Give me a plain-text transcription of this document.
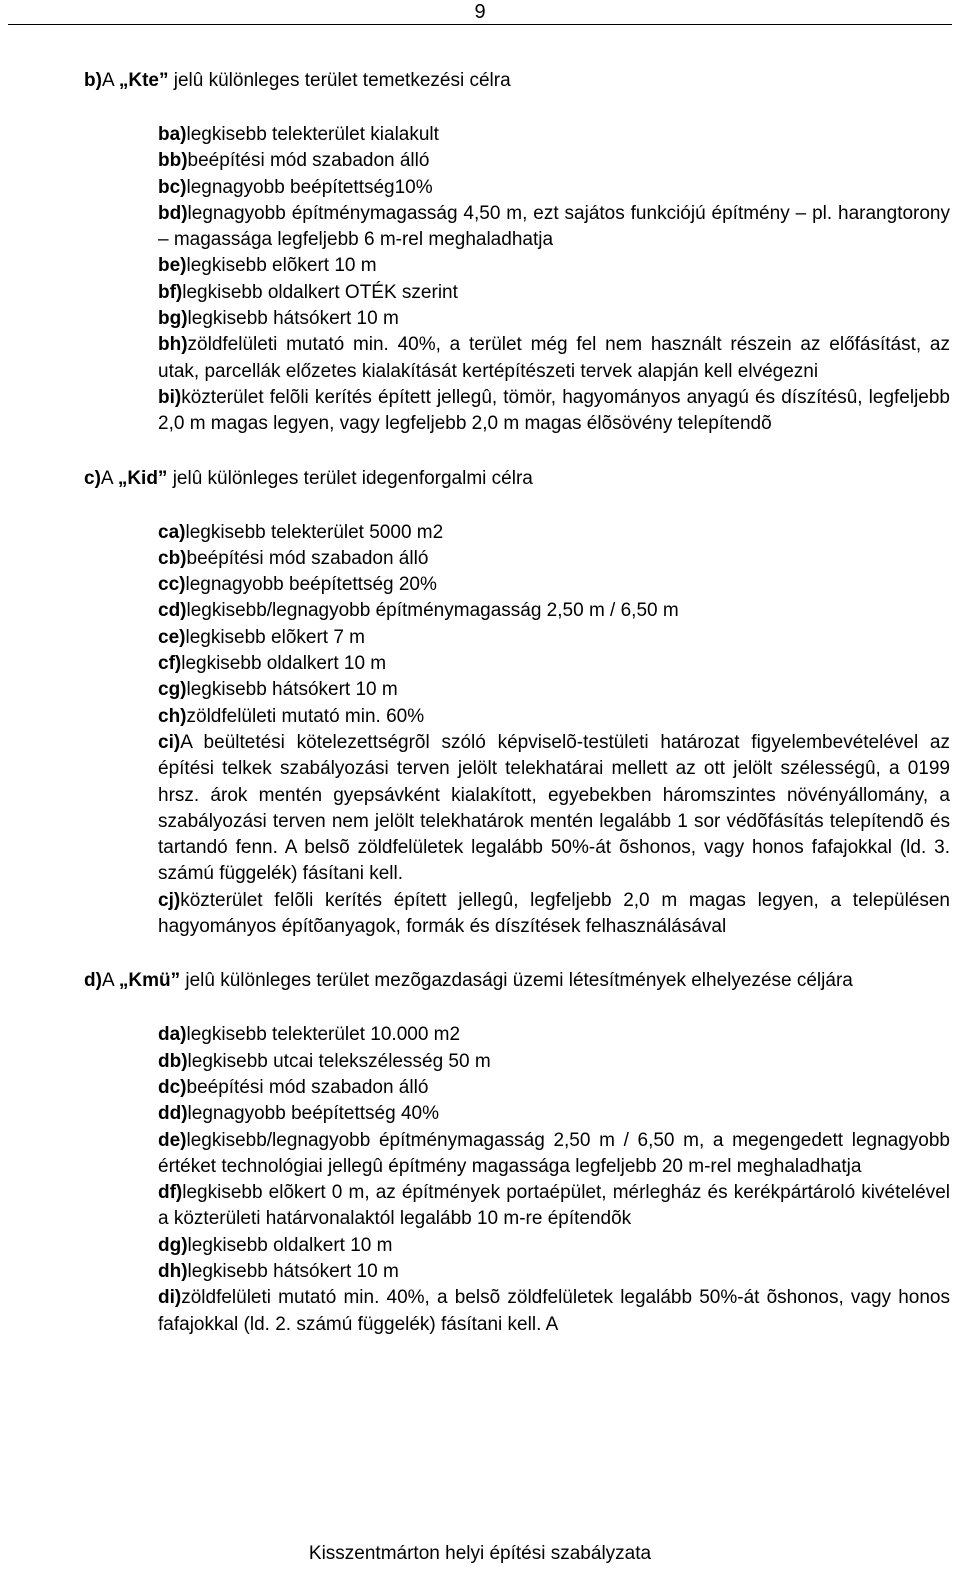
9
b)A „Kte” jelû különleges terület temetkezési célra
ba)legkisebb telekterület kialakult
bb)beépítési mód szabadon álló
bc)legnagyobb beépítettség10%
bd)legnagyobb építménymagasság 4,50 m, ezt sajátos funkciójú építmény – pl. harangtorony – magassága legfeljebb 6 m-rel meghaladhatja
be)legkisebb elõkert 10 m
bf)legkisebb oldalkert OTÉK szerint
bg)legkisebb hátsókert 10 m
bh)zöldfelületi mutató min. 40%, a terület még fel nem használt részein az előfásítást, az utak, parcellák előzetes kialakítását kertépítészeti tervek alapján kell elvégezni
bi)közterület felõli kerítés épített jellegû, tömör, hagyományos anyagú és díszítésû, legfeljebb 2,0 m magas legyen, vagy legfeljebb 2,0 m magas élõsövény telepítendõ
c)A „Kid” jelû különleges terület idegenforgalmi célra
ca)legkisebb telekterület 5000 m2
cb)beépítési mód szabadon álló
cc)legnagyobb beépítettség 20%
cd)legkisebb/legnagyobb építménymagasság 2,50 m / 6,50 m
ce)legkisebb elõkert 7 m
cf)legkisebb oldalkert 10 m
cg)legkisebb hátsókert 10 m
ch)zöldfelületi mutató min. 60%
ci)A beültetési kötelezettségrõl szóló képviselõ-testületi határozat figyelembevételével az építési telkek szabályozási terven jelölt telekhatárai mellett az ott jelölt szélességû, a 0199 hrsz. árok mentén gyepsávként kialakított, egyebekben háromszintes növényállomány, a szabályozási terven nem jelölt telekhatárok mentén legalább 1 sor védõfásítás telepítendõ és tartandó fenn. A belsõ zöldfelületek legalább 50%-át õshonos, vagy honos fafajokkal (ld. 3. számú függelék) fásítani kell.
cj)közterület felõli kerítés épített jellegû, legfeljebb 2,0 m magas legyen, a településen hagyományos építõanyagok, formák és díszítések felhasználásával
d)A „Kmü” jelû különleges terület mezõgazdasági üzemi létesítmények elhelyezése céljára
da)legkisebb telekterület 10.000 m2
db)legkisebb utcai telekszélesség 50 m
dc)beépítési mód szabadon álló
dd)legnagyobb beépítettség 40%
de)legkisebb/legnagyobb építménymagasság 2,50 m / 6,50 m, a megengedett legnagyobb értéket technológiai jellegû építmény magassága legfeljebb 20 m-rel meghaladhatja
df)legkisebb elõkert 0 m, az építmények portaépület, mérlegház és kerékpártároló kivételével a közterületi határvonalaktól legalább 10 m-re építendõk
dg)legkisebb oldalkert 10 m
dh)legkisebb hátsókert 10 m
di)zöldfelületi mutató min. 40%, a belsõ zöldfelületek legalább 50%-át õshonos, vagy honos fafajokkal (ld. 2. számú függelék) fásítani kell. A
Kisszentmárton helyi építési szabályzata
